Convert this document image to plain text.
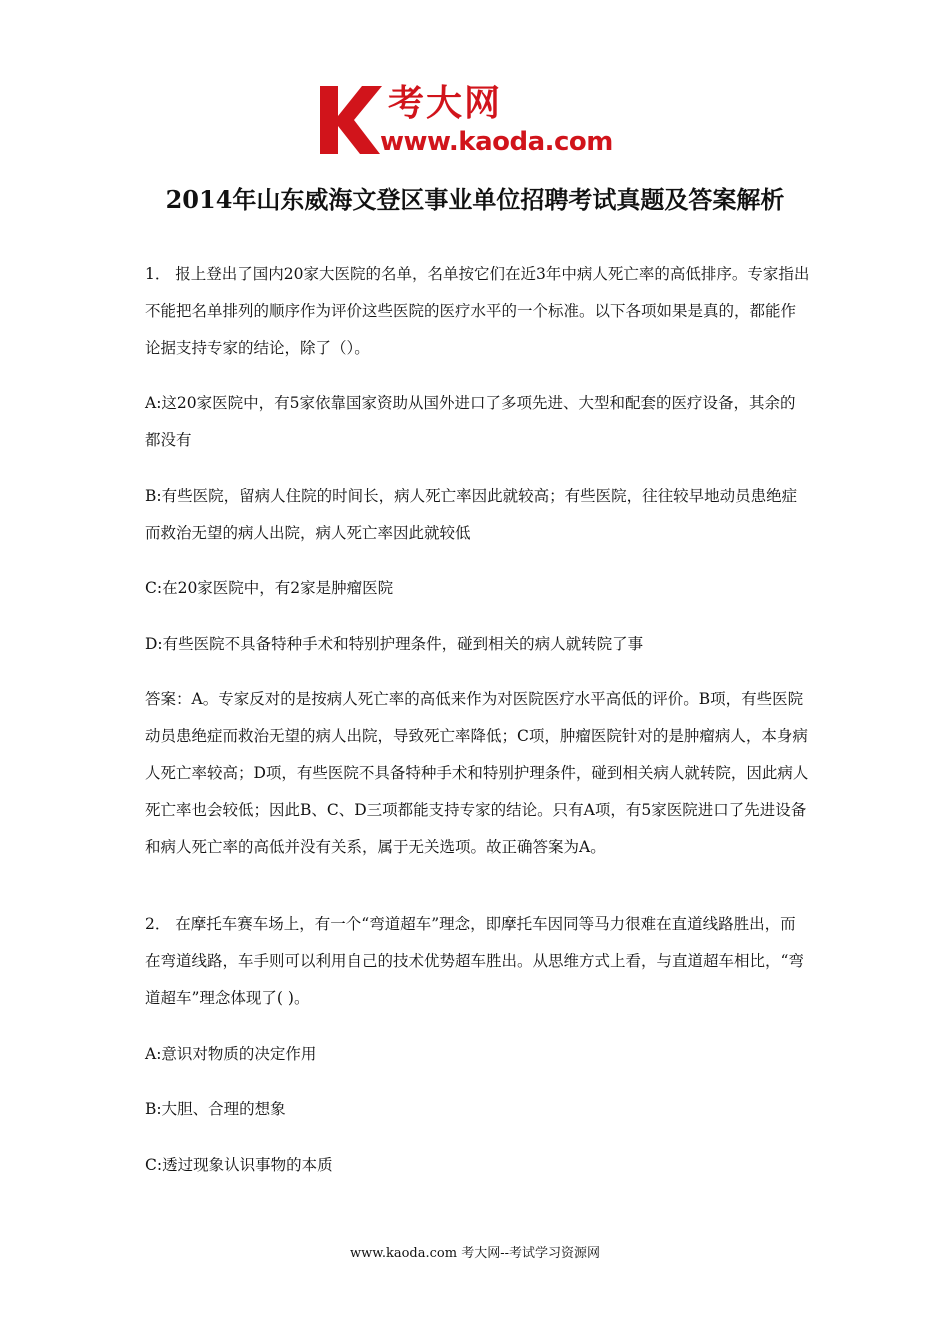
考大网
www.kaoda.com
2014年山东威海文登区事业单位招聘考试真题及答案解析
1． 报上登出了国内20家大医院的名单，名单按它们在近3年中病人死亡率的高低排序。专家指出不能把名单排列的顺序作为评价这些医院的医疗水平的一个标准。以下各项如果是真的，都能作论据支持专家的结论，除了（）。
A:这20家医院中，有5家依靠国家资助从国外进口了多项先进、大型和配套的医疗设备，其余的都没有
B:有些医院，留病人住院的时间长，病人死亡率因此就较高；有些医院，往往较早地动员患绝症而救治无望的病人出院，病人死亡率因此就较低
C:在20家医院中，有2家是肿瘤医院
D:有些医院不具备特种手术和特别护理条件，碰到相关的病人就转院了事
答案：A。专家反对的是按病人死亡率的高低来作为对医院医疗水平高低的评价。B项，有些医院动员患绝症而救治无望的病人出院，导致死亡率降低；C项，肿瘤医院针对的是肿瘤病人，本身病人死亡率较高；D项，有些医院不具备特种手术和特别护理条件，碰到相关病人就转院，因此病人死亡率也会较低；因此B、C、D三项都能支持专家的结论。只有A项，有5家医院进口了先进设备和病人死亡率的高低并没有关系，属于无关选项。故正确答案为A。
2． 在摩托车赛车场上，有一个“弯道超车”理念，即摩托车因同等马力很难在直道线路胜出，而在弯道线路，车手则可以利用自己的技术优势超车胜出。从思维方式上看，与直道超车相比，“弯道超车”理念体现了( )。
A:意识对物质的决定作用
B:大胆、合理的想象
C:透过现象认识事物的本质
www.kaoda.com 考大网--考试学习资源网
